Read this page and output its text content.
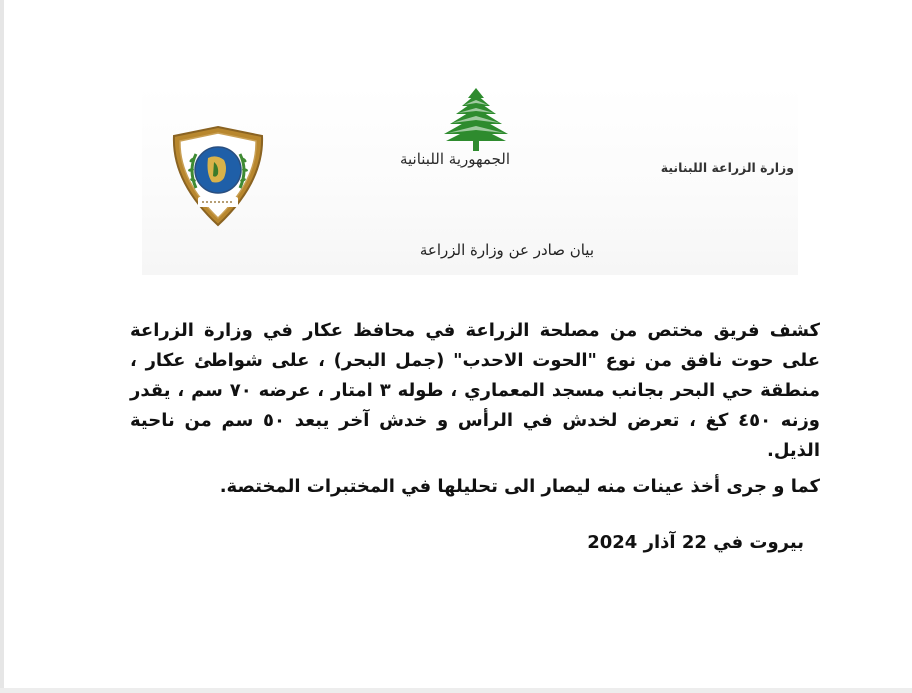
الجمهورية اللبنانية	وزارة الزراعة اللبنانية
بيان صادر عن وزارة الزراعة

كشف فريق مختص من مصلحة الزراعة في محافظ عكار في وزارة الزراعة على حوت نافق من نوع "الحوت الاحدب" (جمل البحر) ، على شواطئ عكار ، منطقة حي البحر بجانب مسجد المعماري ، طوله ٣ امتار ، عرضه ٧٠ سم ، يقدر وزنه ٤٥٠ كغ ، تعرض لخدش في الرأس و خدش آخر يبعد ٥٠ سم من ناحية الذيل.

كما و جرى أخذ عينات منه ليصار الى تحليلها في المختبرات المختصة.

بيروت في 22 آذار 2024
